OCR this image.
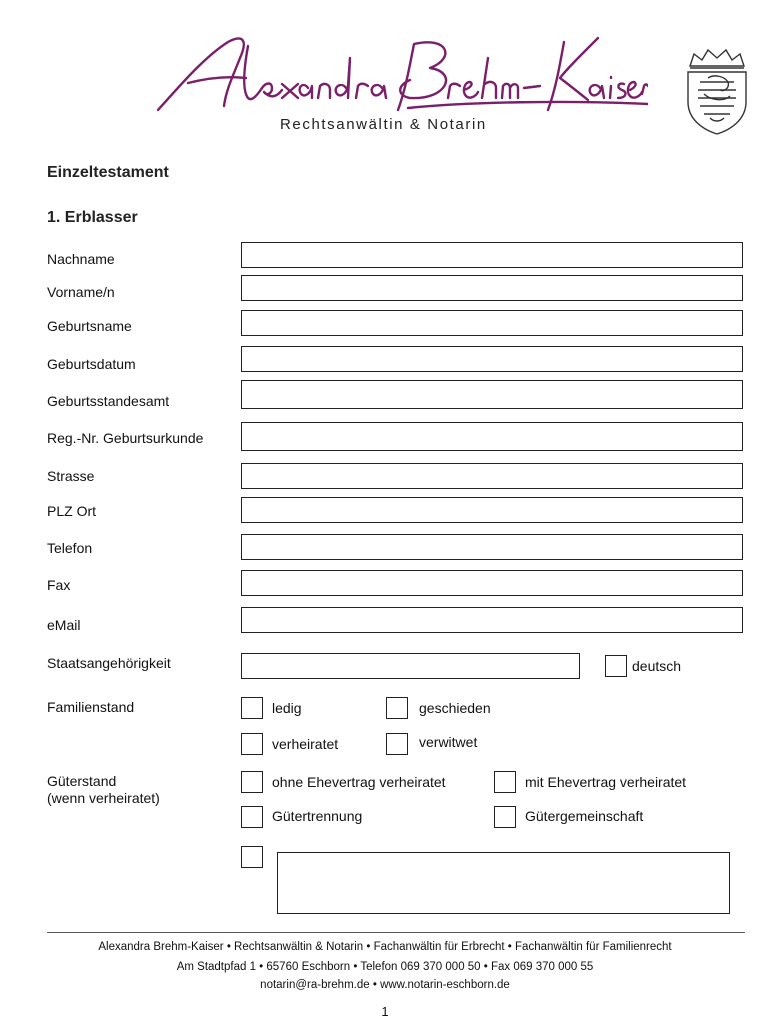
Rechtsanwältin & Notarin
Einzeltestament
1. Erblasser
Nachname
Vorname/n
Geburtsname
Geburtsdatum
Geburtsstandesamt
Reg.-Nr. Geburtsurkunde
Strasse
PLZ Ort
Telefon
Fax
eMail
Staatsangehörigkeit	deutsch
Familienstand	ledig	geschieden
verheiratet	verwitwet
Güterstand
(wenn verheiratet)
ohne Ehevertrag verheiratet	mit Ehevertrag verheiratet
Gütertrennung	Gütergemeinschaft
Alexandra Brehm-Kaiser • Rechtsanwältin & Notarin • Fachanwältin für Erbrecht • Fachanwältin für Familienrecht
Am Stadtpfad 1 • 65760 Eschborn • Telefon 069 370 000 50 • Fax 069 370 000 55
notarin@ra-brehm.de • www.notarin-eschborn.de
1
